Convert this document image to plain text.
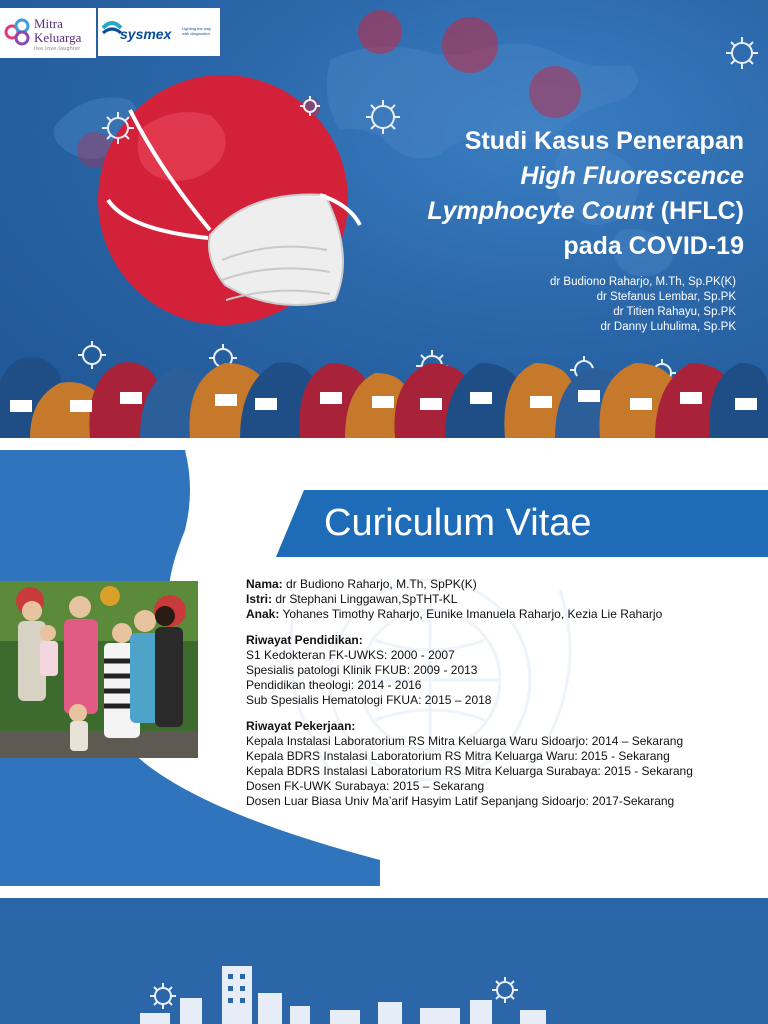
Mitra
Keluarga
live.love.laughter
sysmex	Lighting the way with diagnostics
Studi Kasus Penerapan
High Fluorescence
Lymphocyte Count (HFLC)
pada COVID-19
dr Budiono Raharjo, M.Th, Sp.PK(K)
dr Stefanus Lembar, Sp.PK
dr Titien Rahayu, Sp.PK
dr Danny Luhulima, Sp.PK
Curiculum Vitae
Nama: dr Budiono Raharjo, M.Th, SpPK(K)
Istri: dr Stephani Linggawan,SpTHT-KL
Anak: Yohanes Timothy Raharjo, Eunike Imanuela Raharjo, Kezia Lie Raharjo
Riwayat Pendidikan:
S1 Kedokteran FK-UWKS: 2000 - 2007
Spesialis patologi Klinik FKUB: 2009 - 2013
Pendidikan theologi: 2014 - 2016
Sub Spesialis Hematologi FKUA: 2015 – 2018
Riwayat Pekerjaan:
Kepala Instalasi Laboratorium RS Mitra Keluarga Waru Sidoarjo: 2014 – Sekarang
Kepala BDRS Instalasi Laboratorium RS Mitra Keluarga Waru: 2015 - Sekarang
Kepala BDRS Instalasi Laboratorium RS Mitra Keluarga Surabaya: 2015 - Sekarang
Dosen FK-UWK Surabaya: 2015 – Sekarang
Dosen Luar Biasa Univ Ma’arif Hasyim Latif Sepanjang Sidoarjo: 2017-Sekarang
